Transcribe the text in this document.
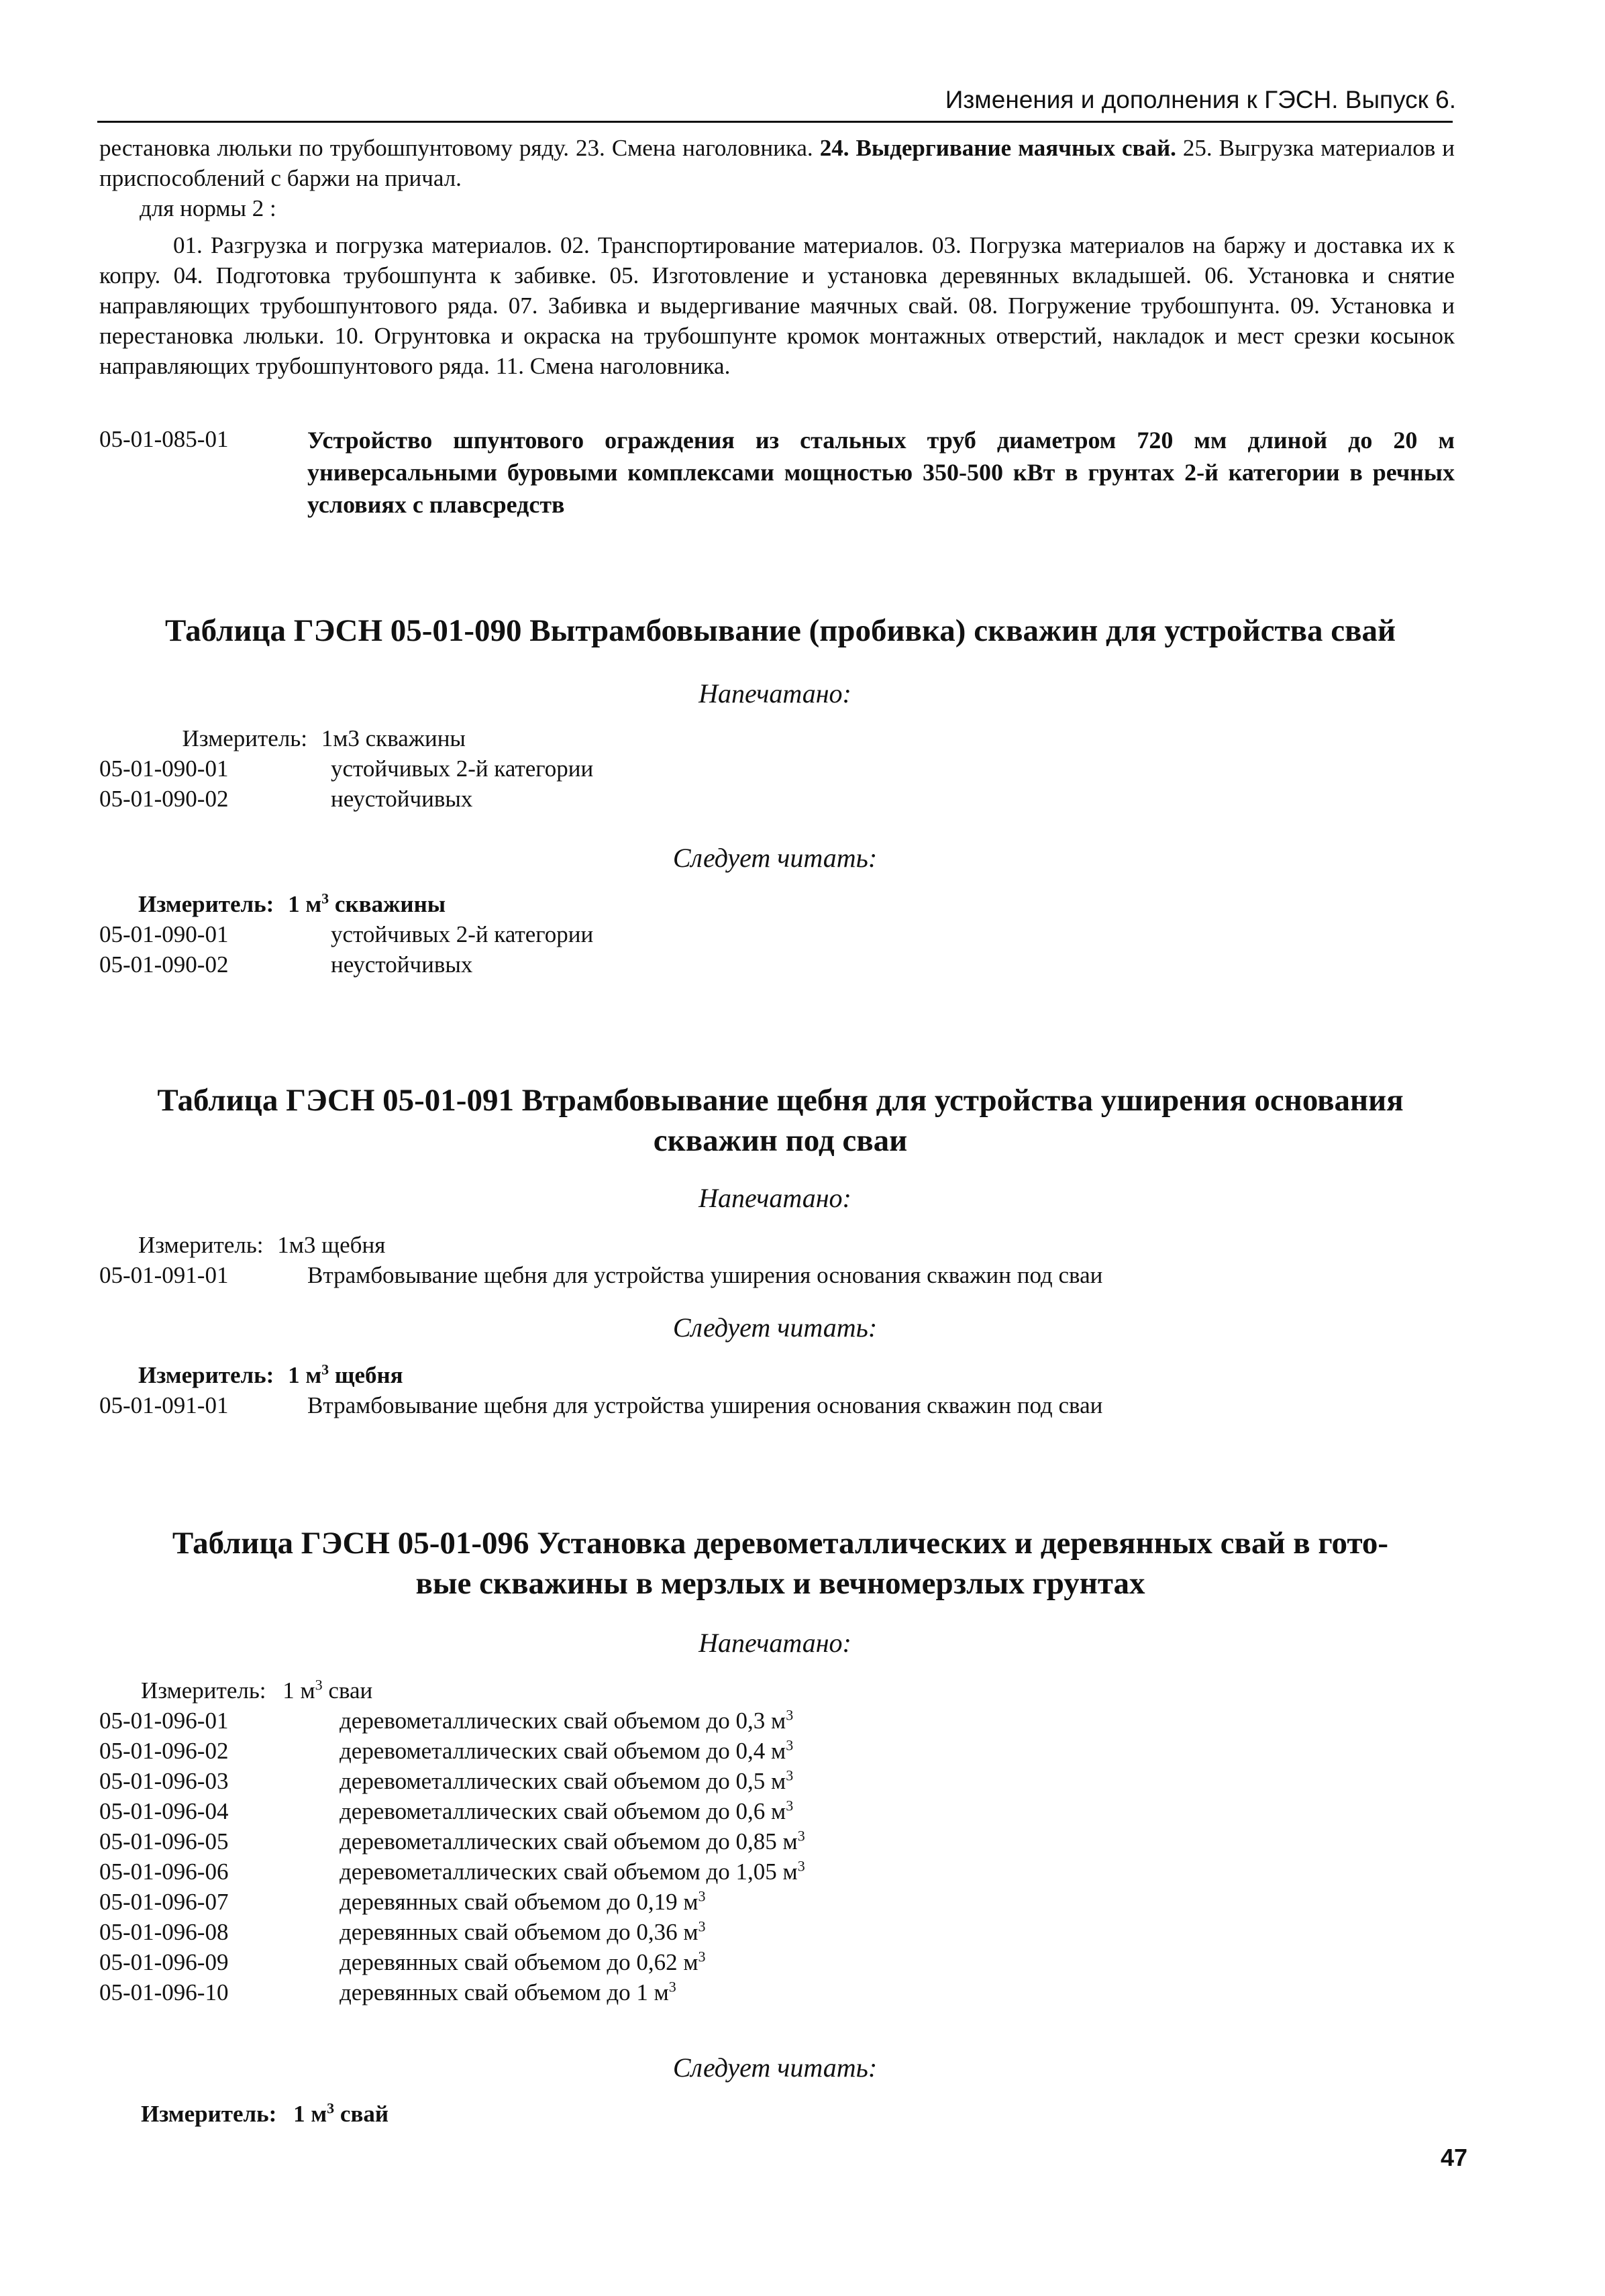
Изменения и дополнения к ГЭСН. Выпуск 6.
рестановка люльки по трубошпунтовому ряду. 23. Смена наголовника. 24. Выдергивание маячных свай. 25. Выгрузка материалов и приспособлений с баржи на причал.
для нормы 2 :
01. Разгрузка и погрузка материалов. 02. Транспортирование материалов. 03. Погрузка материалов на баржу и доставка их к копру. 04. Подготовка трубошпунта к забивке. 05. Изготовление и установка деревянных вкладышей. 06. Установка и снятие направляющих трубошпунтового ряда. 07. Забивка и выдергивание маячных свай. 08. Погружение трубошпунта. 09. Установка и перестановка люльки. 10. Огрунтовка и окраска на трубошпунте кромок монтажных отверстий, накладок и мест срезки косынок направляющих трубошпунтового ряда. 11. Смена наголовника.
05-01-085-01	Устройство шпунтового ограждения из стальных труб диаметром 720 мм длиной до 20 м универсальными буровыми комплексами мощностью 350-500 кВт в грунтах 2-й категории в речных условиях с плавсредств
Таблица ГЭСН 05-01-090 Вытрамбовывание (пробивка) скважин для устройства свай
Напечатано:
Измеритель: 1м3 скважины
05-01-090-01	устойчивых 2-й категории
05-01-090-02	неустойчивых
Следует читать:
Измеритель: 1 $м^3$ скважины
05-01-090-01	устойчивых 2-й категории
05-01-090-02	неустойчивых
Таблица ГЭСН 05-01-091 Втрамбовывание щебня для устройства уширения основания
скважин под сваи
Напечатано:
Измеритель: 1м3 щебня
05-01-091-01	Втрамбовывание щебня для устройства уширения основания скважин под сваи
Следует читать:
Измеритель: 1 $м^3$ щебня
05-01-091-01	Втрамбовывание щебня для устройства уширения основания скважин под сваи
Таблица ГЭСН 05-01-096 Установка деревометаллических и деревянных свай в гото-
вые скважины в мерзлых и вечномерзлых грунтах
Напечатано:
Измеритель: 1 $м^3$ сваи
05-01-096-01	деревометаллических свай объемом до 0,3 $м^3$
05-01-096-02	деревометаллических свай объемом до 0,4 $м^3$
05-01-096-03	деревометаллических свай объемом до 0,5 $м^3$
05-01-096-04	деревометаллических свай объемом до 0,6 $м^3$
05-01-096-05	деревометаллических свай объемом до 0,85 $м^3$
05-01-096-06	деревометаллических свай объемом до 1,05 $м^3$
05-01-096-07	деревянных свай объемом до 0,19 $м^3$
05-01-096-08	деревянных свай объемом до 0,36 $м^3$
05-01-096-09	деревянных свай объемом до 0,62 $м^3$
05-01-096-10	деревянных свай объемом до 1 $м^3$
Следует читать:
Измеритель: 1 $м^3$ свай
47
